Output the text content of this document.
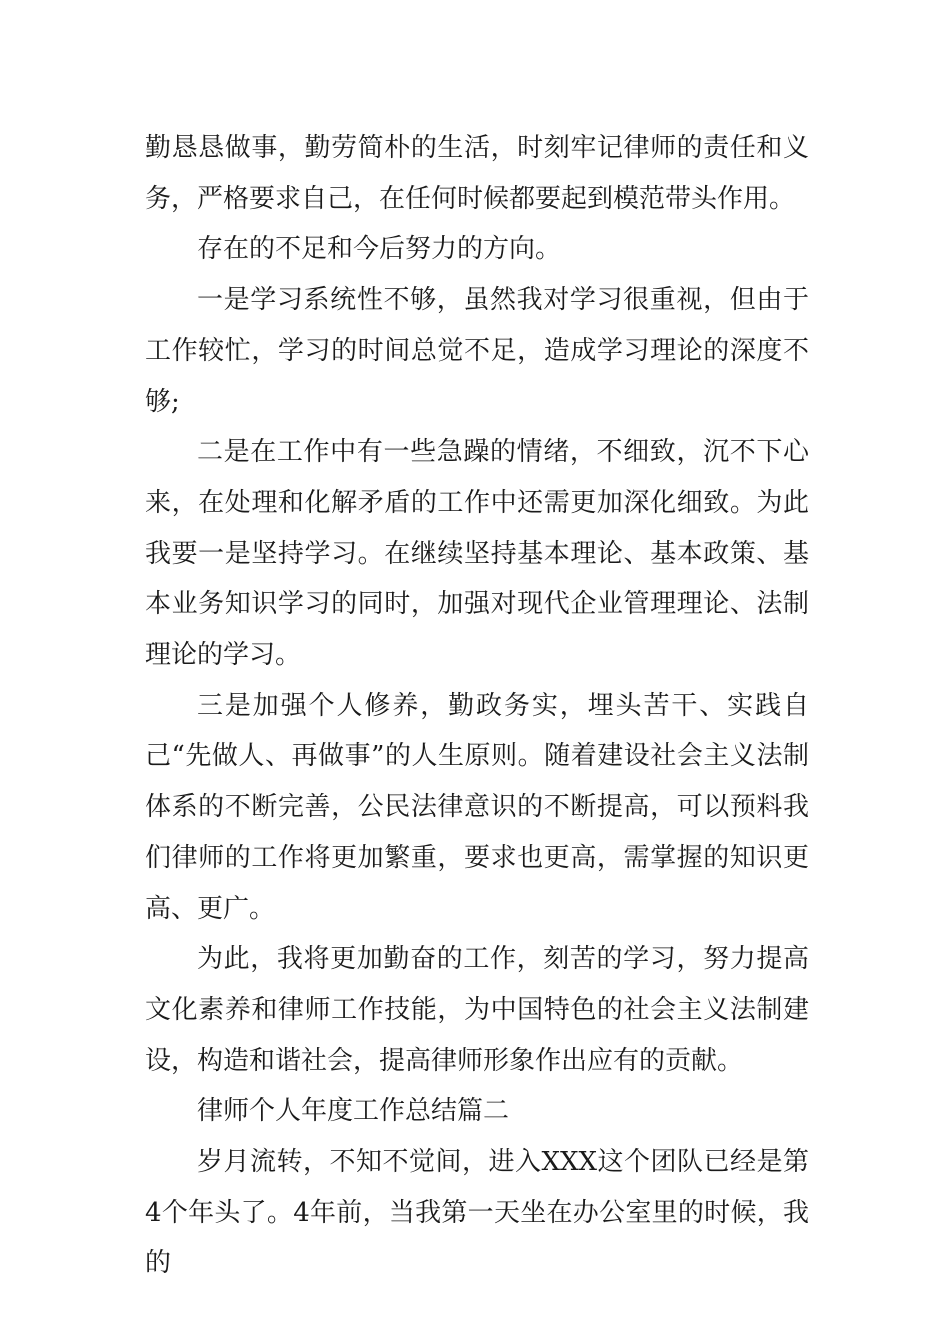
勤恳恳做事，勤劳简朴的生活，时刻牢记律师的责任和义务，严格要求自己，在任何时候都要起到模范带头作用。

存在的不足和今后努力的方向。

一是学习系统性不够，虽然我对学习很重视，但由于工作较忙，学习的时间总觉不足，造成学习理论的深度不够;

二是在工作中有一些急躁的情绪，不细致，沉不下心来，在处理和化解矛盾的工作中还需更加深化细致。为此我要一是坚持学习。在继续坚持基本理论、基本政策、基本业务知识学习的同时，加强对现代企业管理理论、法制理论的学习。

三是加强个人修养，勤政务实，埋头苦干、实践自己“先做人、再做事”的人生原则。随着建设社会主义法制体系的不断完善，公民法律意识的不断提高，可以预料我们律师的工作将更加繁重，要求也更高，需掌握的知识更高、更广。

为此，我将更加勤奋的工作，刻苦的学习，努力提高文化素养和律师工作技能，为中国特色的社会主义法制建设，构造和谐社会，提高律师形象作出应有的贡献。

律师个人年度工作总结篇二

岁月流转，不知不觉间，进入XXX这个团队已经是第4个年头了。4年前，当我第一天坐在办公室里的时候，我的
